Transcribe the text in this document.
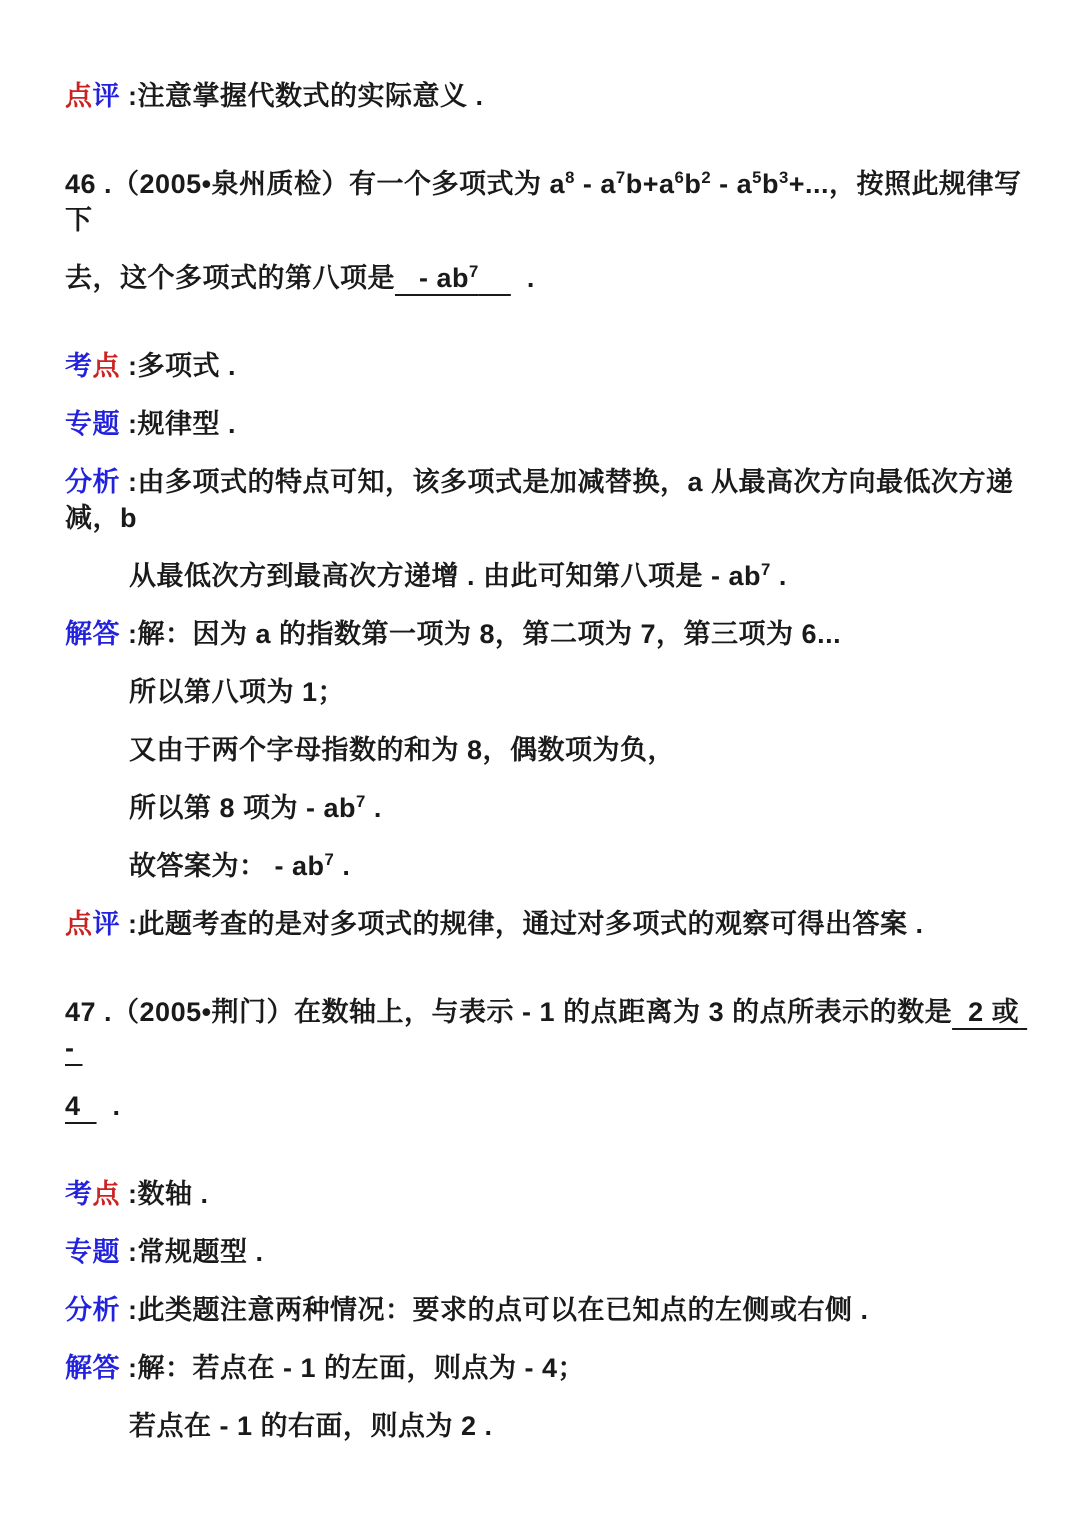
点评 :注意掌握代数式的实际意义 .

46 .（2005•泉州质检）有一个多项式为 $a^8 - a^7b+a^6b^2 - a^5b^3+$...，按照此规律写下

去，这个多项式的第八项是   - $ab^7$      .

考点 :多项式 .

专题 :规律型 .

分析 :由多项式的特点可知，该多项式是加减替换，a 从最高次方向最低次方递减，b

从最低次方到最高次方递增 . 由此可知第八项是 - $ab^7$ .

解答 :解：因为 a 的指数第一项为 8，第二项为 7，第三项为 6...

所以第八项为 1；

又由于两个字母指数的和为 8，偶数项为负，

所以第 8 项为 - $ab^7$ .

故答案为： - $ab^7$ .

点评 :此题考查的是对多项式的规律，通过对多项式的观察可得出答案 .

47 .（2005•荆门）在数轴上，与表示 - 1 的点距离为 3 的点所表示的数是  2 或 -

4    .

考点 :数轴 .

专题 :常规题型 .

分析 :此类题注意两种情况：要求的点可以在已知点的左侧或右侧 .

解答 :解：若点在 - 1 的左面，则点为 - 4；

若点在 - 1 的右面，则点为 2 .
